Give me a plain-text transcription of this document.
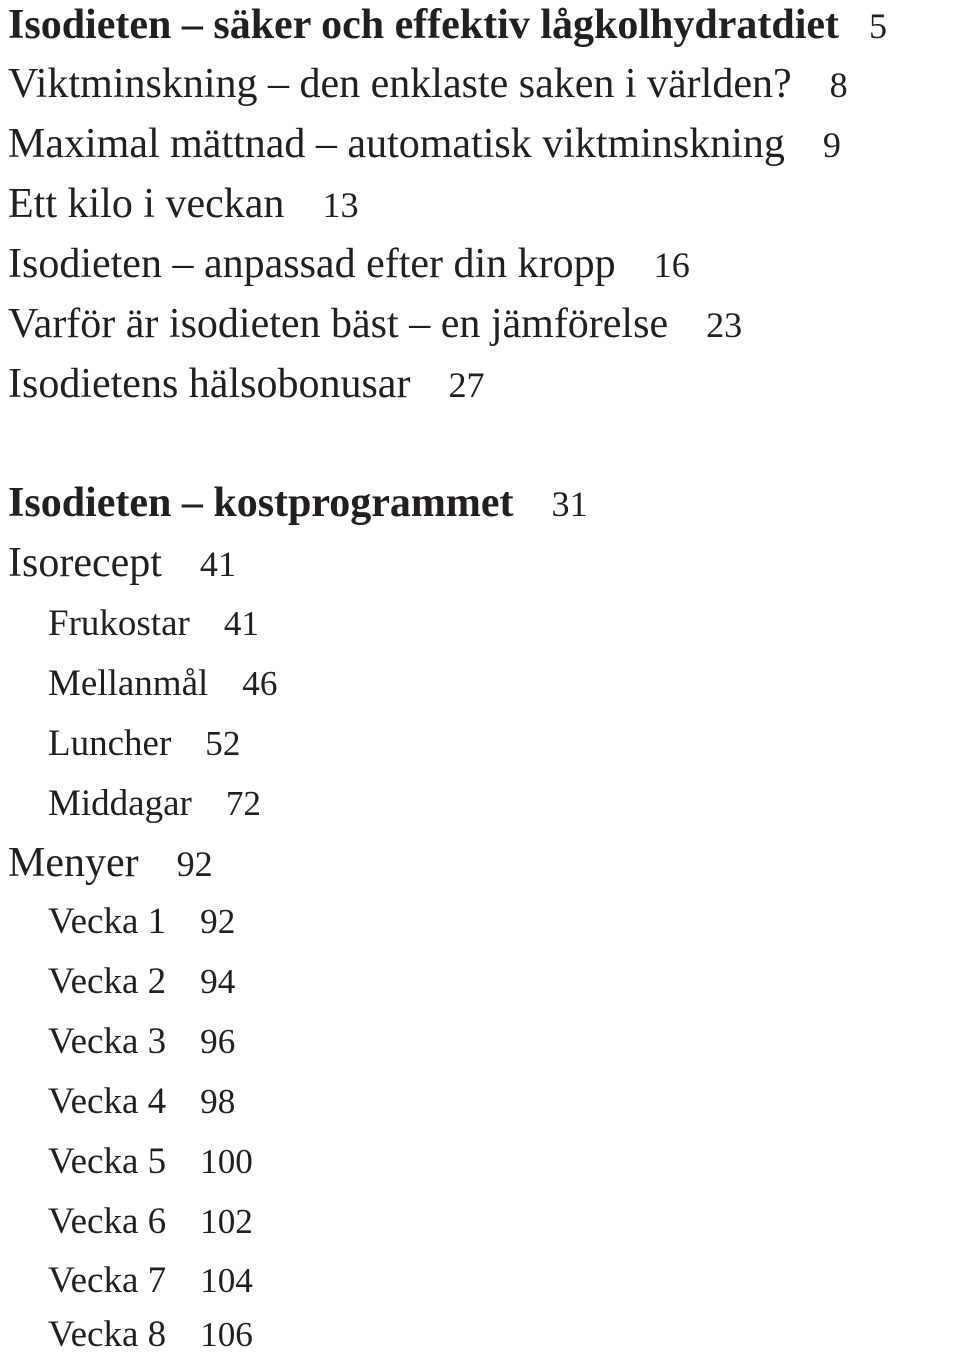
Isodieten – säker och effektiv lågkolhydratdiet 5
Viktminskning – den enklaste saken i världen? 8
Maximal mättnad – automatisk viktminskning 9
Ett kilo i veckan 13
Isodieten – anpassad efter din kropp 16
Varför är isodieten bäst – en jämförelse 23
Isodietens hälsobonusar 27
Isodieten – kostprogrammet 31
Isorecept 41
Frukostar 41
Mellanmål 46
Luncher 52
Middagar 72
Menyer 92
Vecka 1 92
Vecka 2 94
Vecka 3 96
Vecka 4 98
Vecka 5 100
Vecka 6 102
Vecka 7 104
Vecka 8 106
